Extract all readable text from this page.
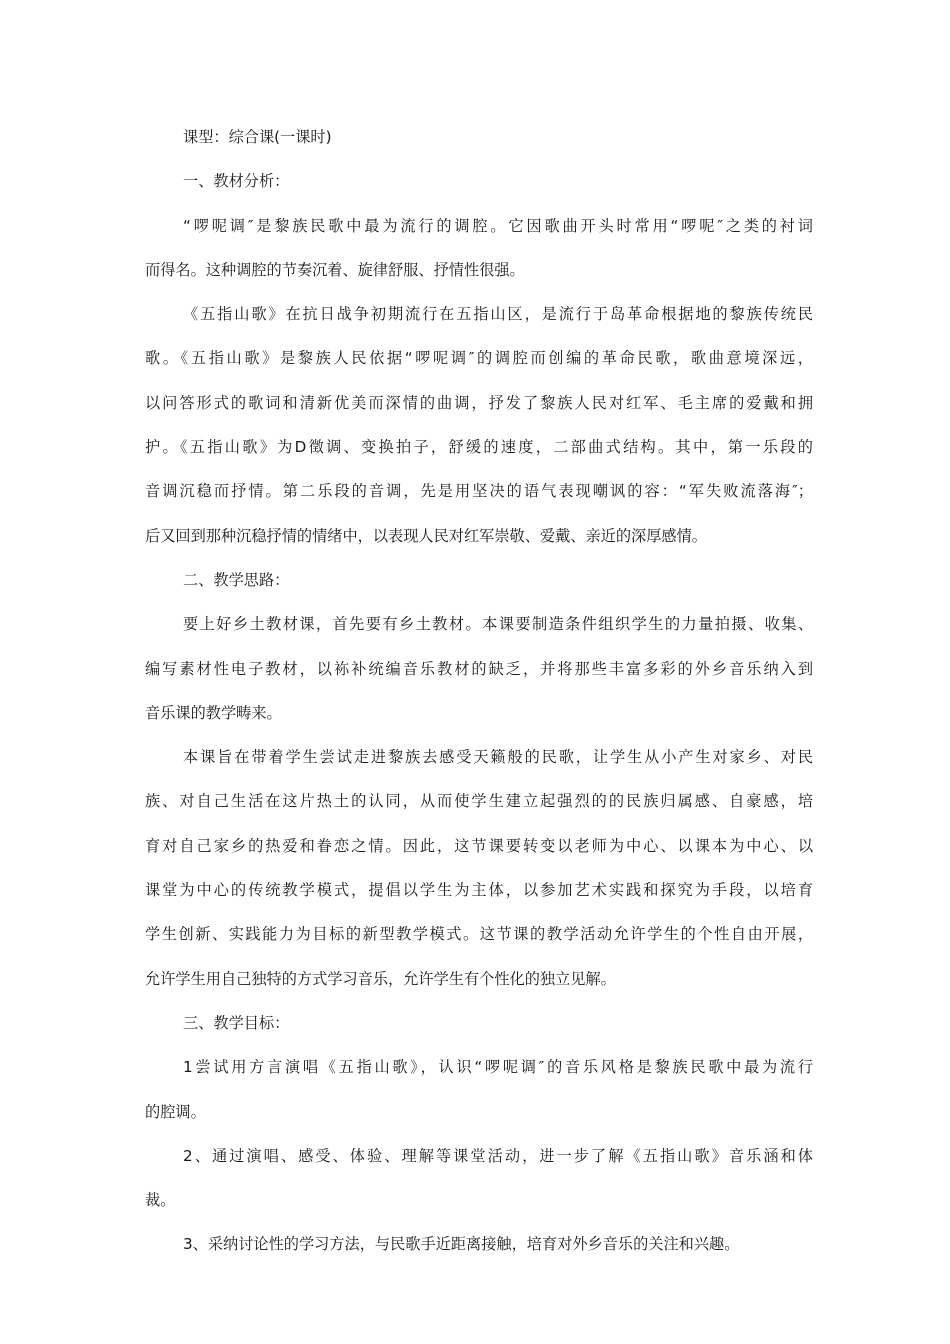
课型：综合课(一课时)
一、教材分析：
“啰呢调″是黎族民歌中最为流行的调腔。它因歌曲开头时常用“啰呢″之类的衬词
而得名。这种调腔的节奏沉着、旋律舒服、抒情性很强。
《五指山歌》在抗日战争初期流行在五指山区，是流行于岛革命根据地的黎族传统民
歌。《五指山歌》是黎族人民依据“啰呢调″的调腔而创编的革命民歌，歌曲意境深远，
以问答形式的歌词和清新优美而深情的曲调，抒发了黎族人民对红军、毛主席的爱戴和拥
护。《五指山歌》为D徵调、变换拍子，舒缓的速度，二部曲式结构。其中，第一乐段的
音调沉稳而抒情。第二乐段的音调，先是用坚决的语气表现嘲讽的容：“军失败流落海″；
后又回到那种沉稳抒情的情绪中，以表现人民对红军崇敬、爱戴、亲近的深厚感情。
二、教学思路：
要上好乡土教材课，首先要有乡土教材。本课要制造条件组织学生的力量拍摄、收集、
编写素材性电子教材，以袮补统编音乐教材的缺乏，并将那些丰富多彩的外乡音乐纳入到
音乐课的教学畴来。
本课旨在带着学生尝试走进黎族去感受天籁般的民歌，让学生从小产生对家乡、对民
族、对自己生活在这片热土的认同，从而使学生建立起强烈的的民族归属感、自豪感，培
育对自己家乡的热爱和眷恋之情。因此，这节课要转变以老师为中心、以课本为中心、以
课堂为中心的传统教学模式，提倡以学生为主体，以参加艺术实践和探究为手段，以培育
学生创新、实践能力为目标的新型教学模式。这节课的教学活动允许学生的个性自由开展，
允许学生用自己独特的方式学习音乐，允许学生有个性化的独立见解。
三、教学目标：
1尝试用方言演唱《五指山歌》，认识“啰呢调″的音乐风格是黎族民歌中最为流行
的腔调。
2、通过演唱、感受、体验、理解等课堂活动，进一步了解《五指山歌》音乐涵和体
裁。
3、采纳讨论性的学习方法，与民歌手近距离接触，培育对外乡音乐的关注和兴趣。
